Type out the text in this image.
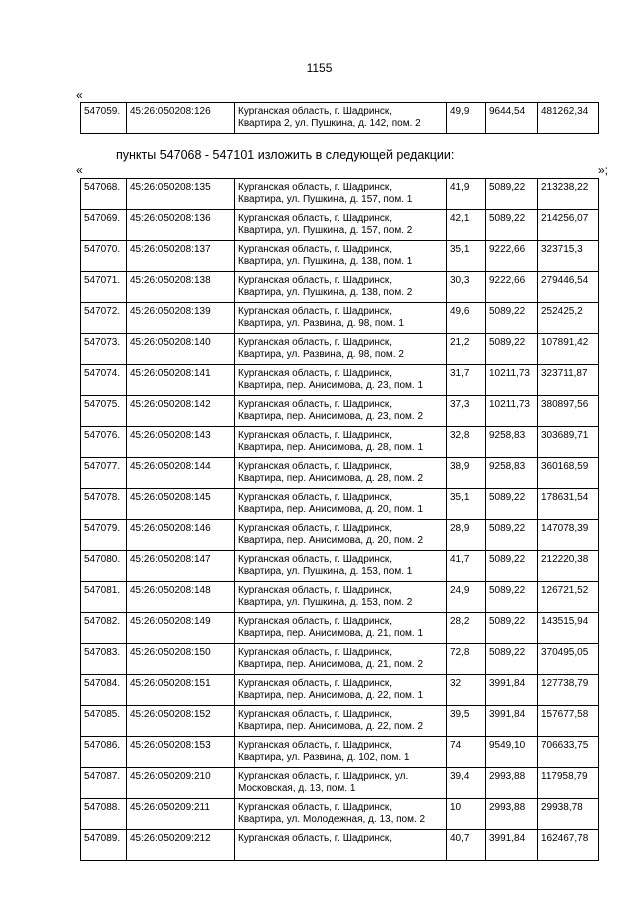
1155
«
547059.	45:26:050208:126	Курганская область, г. Шадринск,
Квартира 2, ул. Пушкина, д. 142, пом. 2
	49,9	9644,54	481262,34
»;
пункты 547068 - 547101 изложить в следующей редакции:
«
547068.	45:26:050208:135	Курганская область, г. Шадринск,
Квартира, ул. Пушкина, д. 157, пом. 1	41,9	5089,22	213238,22
547069.	45:26:050208:136	Курганская область, г. Шадринск,
Квартира, ул. Пушкина, д. 157, пом. 2	42,1	5089,22	214256,07
547070.	45:26:050208:137	Курганская область, г. Шадринск,
Квартира, ул. Пушкина, д. 138, пом. 1	35,1	9222,66	323715,3
547071.	45:26:050208:138	Курганская область, г. Шадринск,
Квартира, ул. Пушкина, д. 138, пом. 2	30,3	9222,66	279446,54
547072.	45:26:050208:139	Курганская область, г. Шадринск,
Квартира, ул. Развина, д. 98, пом. 1	49,6	5089,22	252425,2
547073.	45:26:050208:140	Курганская область, г. Шадринск,
Квартира, ул. Развина, д. 98, пом. 2	21,2	5089,22	107891,42
547074.	45:26:050208:141	Курганская область, г. Шадринск,
Квартира, пер. Анисимова, д. 23, пом. 1	31,7	10211,73	323711,87
547075.	45:26:050208:142	Курганская область, г. Шадринск,
Квартира, пер. Анисимова, д. 23, пом. 2	37,3	10211,73	380897,56
547076.	45:26:050208:143	Курганская область, г. Шадринск,
Квартира, пер. Анисимова, д. 28, пом. 1	32,8	9258,83	303689,71
547077.	45:26:050208:144	Курганская область, г. Шадринск,
Квартира, пер. Анисимова, д. 28, пом. 2	38,9	9258,83	360168,59
547078.	45:26:050208:145	Курганская область, г. Шадринск,
Квартира, пер. Анисимова, д. 20, пом. 1	35,1	5089,22	178631,54
547079.	45:26:050208:146	Курганская область, г. Шадринск,
Квартира, пер. Анисимова, д. 20, пом. 2	28,9	5089,22	147078,39
547080.	45:26:050208:147	Курганская область, г. Шадринск,
Квартира, ул. Пушкина, д. 153, пом. 1	41,7	5089,22	212220,38
547081.	45:26:050208:148	Курганская область, г. Шадринск,
Квартира, ул. Пушкина, д. 153, пом. 2	24,9	5089,22	126721,52
547082.	45:26:050208:149	Курганская область, г. Шадринск,
Квартира, пер. Анисимова, д. 21, пом. 1	28,2	5089,22	143515,94
547083.	45:26:050208:150	Курганская область, г. Шадринск,
Квартира, пер. Анисимова, д. 21, пом. 2	72,8	5089,22	370495,05
547084.	45:26:050208:151	Курганская область, г. Шадринск,
Квартира, пер. Анисимова, д. 22, пом. 1	32	3991,84	127738,79
547085.	45:26:050208:152	Курганская область, г. Шадринск,
Квартира, пер. Анисимова, д. 22, пом. 2	39,5	3991,84	157677,58
547086.	45:26:050208:153	Курганская область, г. Шадринск,
Квартира, ул. Развина, д. 102, пом. 1	74	9549,10	706633,75
547087.	45:26:050209:210	Курганская область, г. Шадринск, ул.
Московская, д. 13, пом. 1	39,4	2993,88	117958,79
547088.	45:26:050209:211	Курганская область, г. Шадринск,
Квартира, ул. Молодежная, д. 13, пом. 2	10	2993,88	29938,78
547089.	45:26:050209:212	Курганская область, г. Шадринск,	40,7	3991,84	162467,78
